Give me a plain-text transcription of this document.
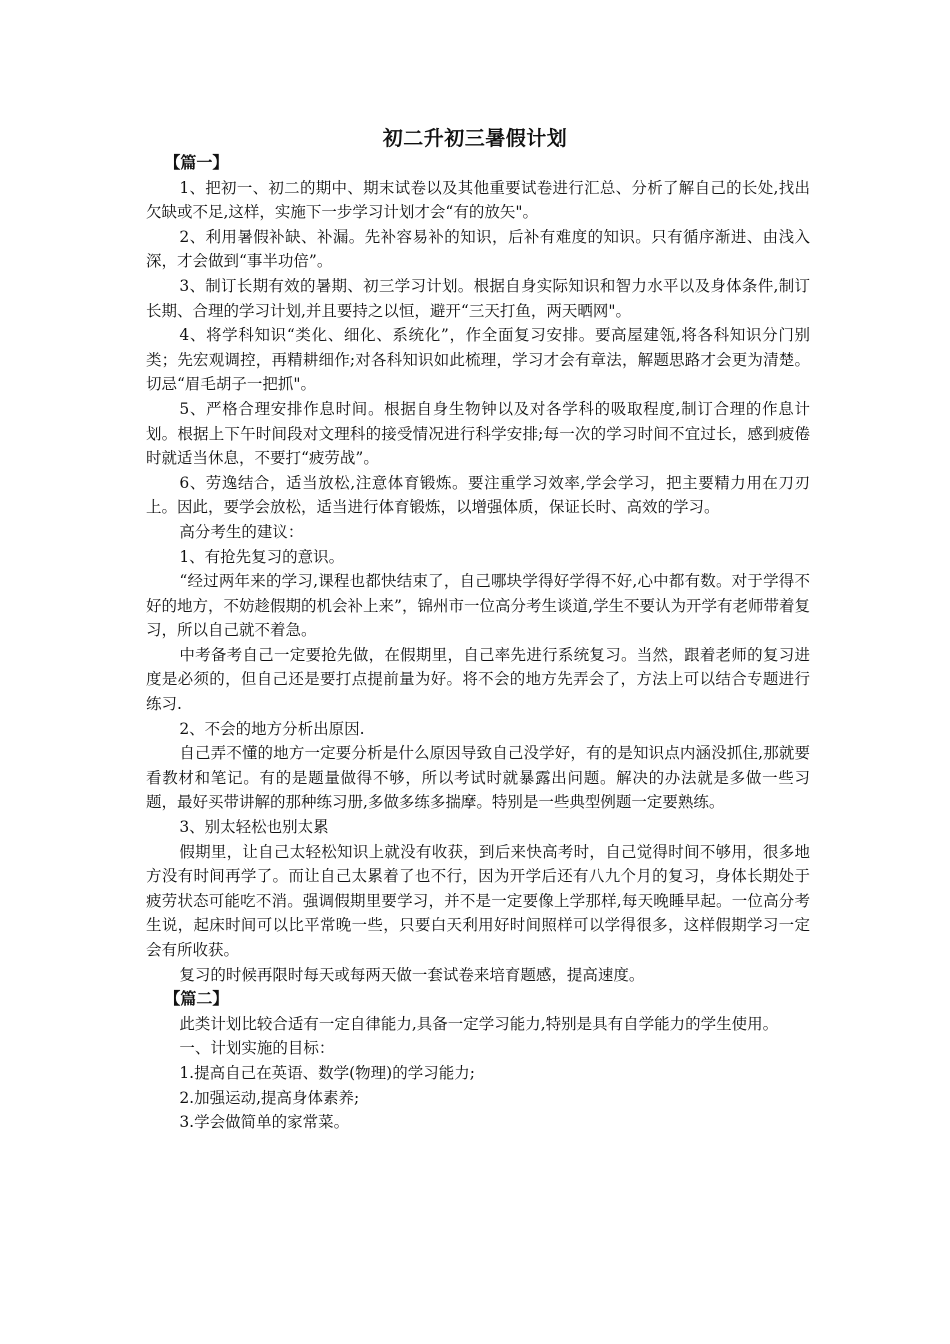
初二升初三暑假计划

【篇一】

1、把初一、初二的期中、期末试卷以及其他重要试卷进行汇总、分析了解自己的长处,找出欠缺或不足,这样，实施下一步学习计划才会“有的放矢"。

2、利用暑假补缺、补漏。先补容易补的知识，后补有难度的知识。只有循序渐进、由浅入深，才会做到“事半功倍”。

3、制订长期有效的暑期、初三学习计划。根据自身实际知识和智力水平以及身体条件,制订长期、合理的学习计划,并且要持之以恒，避开“三天打鱼，两天晒网"。

4、将学科知识“类化、细化、系统化”，作全面复习安排。要高屋建瓴,将各科知识分门别类；先宏观调控，再精耕细作;对各科知识如此梳理，学习才会有章法，解题思路才会更为清楚。切忌“眉毛胡子一把抓"。

5、严格合理安排作息时间。根据自身生物钟以及对各学科的吸取程度,制订合理的作息计划。根据上下午时间段对文理科的接受情况进行科学安排;每一次的学习时间不宜过长，感到疲倦时就适当休息，不要打“疲劳战”。

6、劳逸结合，适当放松,注意体育锻炼。要注重学习效率,学会学习，把主要精力用在刀刃上。因此，要学会放松，适当进行体育锻炼，以增强体质，保证长时、高效的学习。

高分考生的建议：

1、有抢先复习的意识。

“经过两年来的学习,课程也都快结束了，自己哪块学得好学得不好,心中都有数。对于学得不好的地方，不妨趁假期的机会补上来”，锦州市一位高分考生谈道,学生不要认为开学有老师带着复习，所以自己就不着急。

中考备考自己一定要抢先做，在假期里，自己率先进行系统复习。当然，跟着老师的复习进度是必须的，但自己还是要打点提前量为好。将不会的地方先弄会了，方法上可以结合专题进行练习.

2、不会的地方分析出原因.

自己弄不懂的地方一定要分析是什么原因导致自己没学好，有的是知识点内涵没抓住,那就要看教材和笔记。有的是题量做得不够，所以考试时就暴露出问题。解决的办法就是多做一些习题，最好买带讲解的那种练习册,多做多练多揣摩。特别是一些典型例题一定要熟练。

3、别太轻松也别太累

假期里，让自己太轻松知识上就没有收获，到后来快高考时，自己觉得时间不够用，很多地方没有时间再学了。而让自己太累着了也不行，因为开学后还有八九个月的复习，身体长期处于疲劳状态可能吃不消。强调假期里要学习，并不是一定要像上学那样,每天晚睡早起。一位高分考生说，起床时间可以比平常晚一些，只要白天利用好时间照样可以学得很多，这样假期学习一定会有所收获。

复习的时候再限时每天或每两天做一套试卷来培育题感，提高速度。

【篇二】

此类计划比较合适有一定自律能力,具备一定学习能力,特别是具有自学能力的学生使用。

一、计划实施的目标：

1.提高自己在英语、数学(物理)的学习能力;

2.加强运动,提高身体素养;

3.学会做简单的家常菜。
